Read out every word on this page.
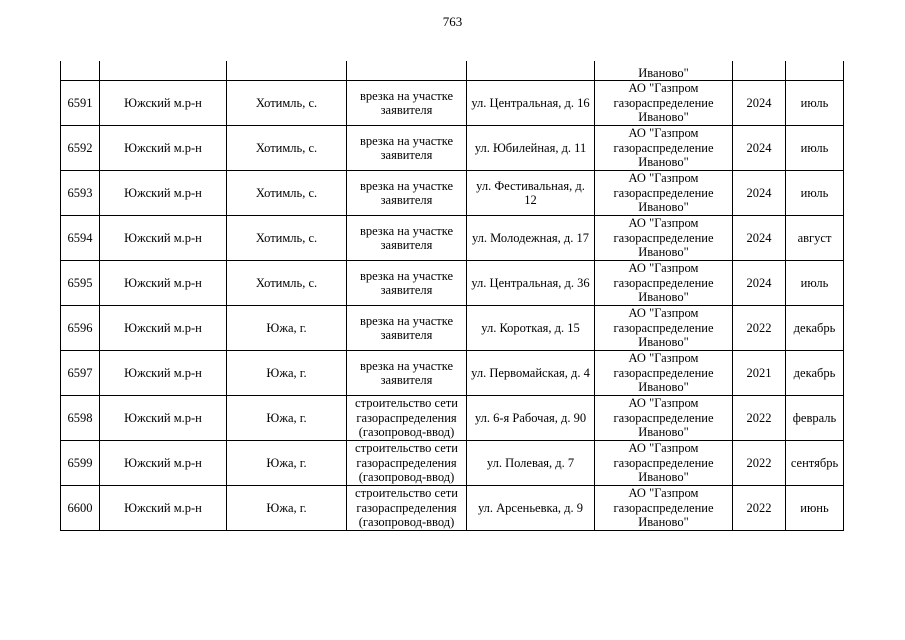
763
					Иваново"		
6591	Южский м.р-н	Хотимль, с.	врезка на участке заявителя	ул. Центральная, д. 16	АО "Газпром газораспределение Иваново"	2024	июль
6592	Южский м.р-н	Хотимль, с.	врезка на участке заявителя	ул. Юбилейная, д. 11	АО "Газпром газораспределение Иваново"	2024	июль
6593	Южский м.р-н	Хотимль, с.	врезка на участке заявителя	ул. Фестивальная, д. 12	АО "Газпром газораспределение Иваново"	2024	июль
6594	Южский м.р-н	Хотимль, с.	врезка на участке заявителя	ул. Молодежная, д. 17	АО "Газпром газораспределение Иваново"	2024	август
6595	Южский м.р-н	Хотимль, с.	врезка на участке заявителя	ул. Центральная, д. 36	АО "Газпром газораспределение Иваново"	2024	июль
6596	Южский м.р-н	Южа, г.	врезка на участке заявителя	ул. Короткая, д. 15	АО "Газпром газораспределение Иваново"	2022	декабрь
6597	Южский м.р-н	Южа, г.	врезка на участке заявителя	ул. Первомайская, д. 4	АО "Газпром газораспределение Иваново"	2021	декабрь
6598	Южский м.р-н	Южа, г.	строительство сети газораспределения (газопровод-ввод)	ул. 6-я Рабочая, д. 90	АО "Газпром газораспределение Иваново"	2022	февраль
6599	Южский м.р-н	Южа, г.	строительство сети газораспределения (газопровод-ввод)	ул. Полевая, д. 7	АО "Газпром газораспределение Иваново"	2022	сентябрь
6600	Южский м.р-н	Южа, г.	строительство сети газораспределения (газопровод-ввод)	ул. Арсеньевка, д. 9	АО "Газпром газораспределение Иваново"	2022	июнь
